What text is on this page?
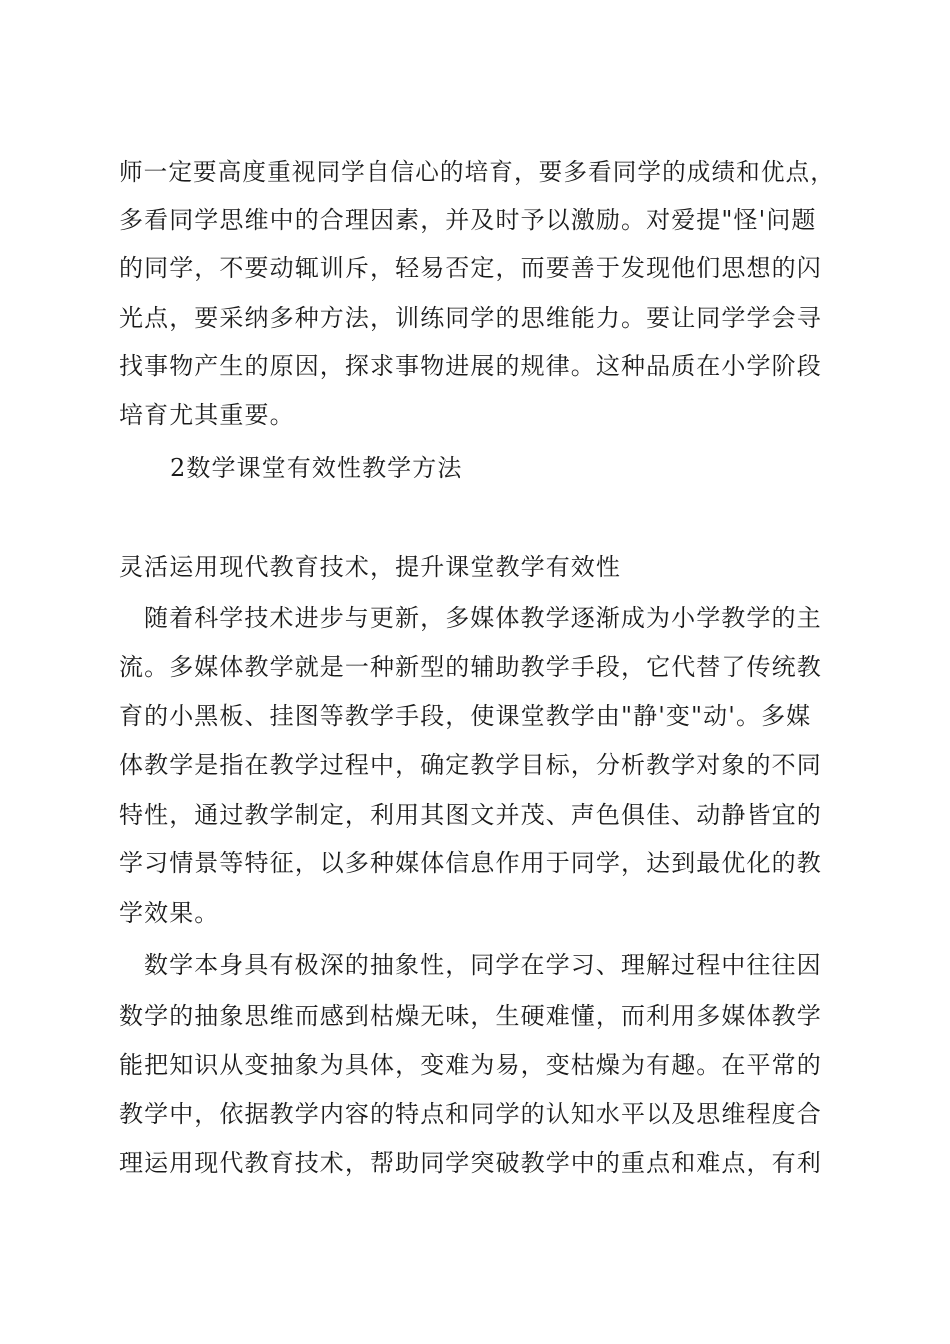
师一定要高度重视同学自信心的培育，要多看同学的成绩和优点，
多看同学思维中的合理因素，并及时予以激励。对爱提"怪'问题
的同学，不要动辄训斥，轻易否定，而要善于发现他们思想的闪
光点，要采纳多种方法，训练同学的思维能力。要让同学学会寻
找事物产生的原因，探求事物进展的规律。这种品质在小学阶段
培育尤其重要。
2数学课堂有效性教学方法
灵活运用现代教育技术，提升课堂教学有效性
随着科学技术进步与更新，多媒体教学逐渐成为小学教学的主
流。多媒体教学就是一种新型的辅助教学手段，它代替了传统教
育的小黑板、挂图等教学手段，使课堂教学由"静'变"动'。多媒
体教学是指在教学过程中，确定教学目标，分析教学对象的不同
特性，通过教学制定，利用其图文并茂、声色俱佳、动静皆宜的
学习情景等特征，以多种媒体信息作用于同学，达到最优化的教
学效果。
数学本身具有极深的抽象性，同学在学习、理解过程中往往因
数学的抽象思维而感到枯燥无味，生硬难懂，而利用多媒体教学
能把知识从变抽象为具体，变难为易，变枯燥为有趣。在平常的
教学中，依据教学内容的特点和同学的认知水平以及思维程度合
理运用现代教育技术，帮助同学突破教学中的重点和难点，有利
